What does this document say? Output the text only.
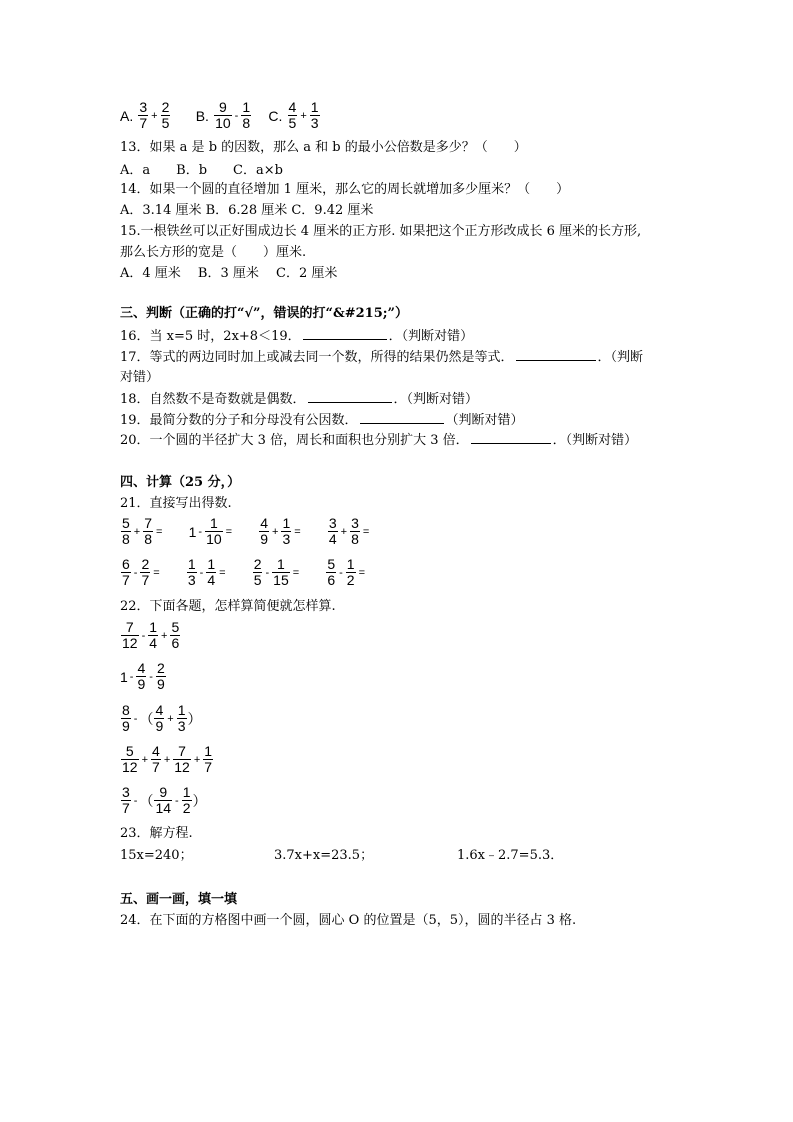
A. $\frac{3}{7} + \frac{2}{5} B$. $\frac{9}{10} - \frac{1}{8} C$. $\frac{4}{5} + \frac{1}{3}$
13．如果 a 是 b 的因数，那么 a 和 b 的最小公倍数是多少？（　　）
A．a　　B．b　　C．a×b
14．如果一个圆的直径增加 1 厘米，那么它的周长就增加多少厘米？（　　）
A．3.14 厘米 B．6.28 厘米 C．9.42 厘米
15.一根铁丝可以正好围成边长 4 厘米的正方形. 如果把这个正方形改成长 6 厘米的长方形,
那么长方形的宽是（　　）厘米.
A．4 厘米　 B．3 厘米　 C．2 厘米
三、判断（正确的打“√”，错误的打“&#215;”）
16．当 x=5 时，2x+8＜19．	．（判断对错）
17．等式的两边同时加上或减去同一个数，所得的结果仍然是等式．	．（判断
对错）
18．自然数不是奇数就是偶数．	．（判断对错）
19．最简分数的分子和分母没有公因数．	（判断对错）
20．一个圆的半径扩大 3 倍，周长和面积也分别扩大 3 倍．	．（判断对错）
四、计算（25 分，）
21．直接写出得数.
$\frac{5}{8} + \frac{7}{8} = 1 - \frac{1}{10} = \frac{4}{9} + \frac{1}{3} = \frac{3}{4} + \frac{3}{8}$ =
$\frac{6}{7} - \frac{2}{7} = \frac{1}{3} - \frac{1}{4} = \frac{2}{5} - \frac{1}{15} = \frac{5}{6} - \frac{1}{2}$ =
22．下面各题，怎样算简便就怎样算.
$\frac{7}{12} - \frac{1}{4} + \frac{5}{6}$
$1 - \frac{4}{9} - \frac{2}{9}$
$\frac{8}{9}$ - （ $\frac{4}{9} + \frac{1}{3}$ ）
$\frac{5}{12} + \frac{4}{7} + \frac{7}{12} + \frac{1}{7}$
$\frac{3}{7}$ - （ $\frac{9}{14} - \frac{1}{2}$ ）
23．解方程.
15x=240；	3.7x+x=23.5；	1.6x﹣2.7=5.3．
五、画一画，填一填
24．在下面的方格图中画一个圆，圆心 O 的位置是（5，5），圆的半径占 3 格.
